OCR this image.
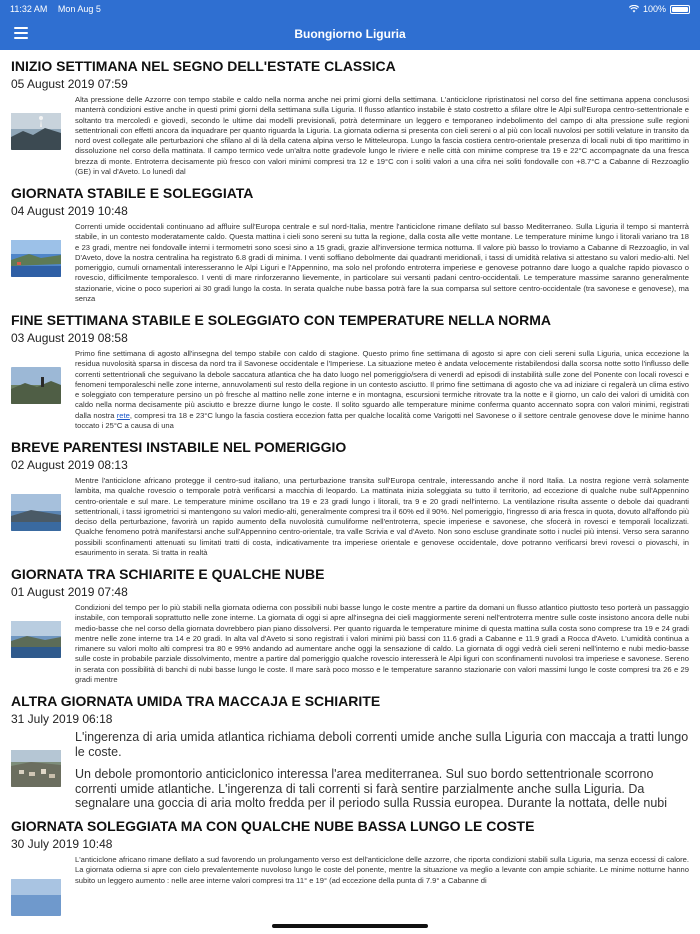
11:32 AM Mon Aug 5	100%
Buongiorno Liguria
INIZIO SETTIMANA NEL SEGNO DELL'ESTATE CLASSICA
05 August 2019 07:59
Alta pressione delle Azzorre con tempo stabile e caldo nella norma anche nei primi giorni della settimana. L'anticiclone ripristinatosi nel corso del fine settimana appena conclusosi manterrà condizioni estive anche in questi primi giorni della settimana sulla Liguria. Il flusso atlantico instabile è stato costretto a sfilare oltre le Alpi sull'Europa centro-settentrionale e soltanto tra mercoledì e giovedì, secondo le ultime dai modelli previsionali, potrà determinare un leggero e temporaneo indebolimento del campo di alta pressione sulle regioni settentrionali con effetti ancora da inquadrare per quanto riguarda la Liguria. La giornata odierna si presenta con cieli sereni o al più con locali nuvolosi per sottili velature in transito da nord ovest collegate alle perturbazioni che sfilano al di là della catena alpina verso le Mitteleuropa. Lungo la fascia costiera centro-orientale presenza di locali nubi di tipo marittimo in dissoluzione nel corso della mattinata. Il campo termico vede un'altra notte gradevole lungo le riviere e nelle città con minime comprese tra 19 e 22°C accompagnate da una fresca brezza di monte. Entroterra decisamente più fresco con valori minimi compresi tra 12 e 19°C con i soliti valori a una cifra nei soliti fondovalle con +8.7°C a Cabanne di Rezzoaglio (GE) in val d'Aveto. Lo lunedì dal
GIORNATA STABILE E SOLEGGIATA
04 August 2019 10:48
Correnti umide occidentali continuano ad affluire sull'Europa centrale e sul nord-Italia, mentre l'anticiclone rimane defilato sul basso Mediterraneo. Sulla Liguria il tempo si manterrà stabile, in un contesto moderatamente caldo. Questa mattina i cieli sono sereni su tutta la regione, dalla costa alle vette montane. Le temperature minime lungo i litorali variano tra 18 e 23 gradi, mentre nei fondovalle interni i termometri sono scesi sino a 15 gradi, grazie all'inversione termica notturna. Il valore più basso lo troviamo a Cabanne di Rezzoaglio, in val D'Aveto, dove la nostra centralina ha registrato 6.8 gradi di minima. I venti soffiano debolmente dai quadranti meridionali, i tassi di umidità relativa si attestano su valori medio-alti. Nel pomeriggio, cumuli ornamentali interesseranno le Alpi Liguri e l'Appennino, ma solo nel profondo entroterra imperiese e genovese potranno dare luogo a qualche rapido piovasco o rovescio, difficilmente temporalesco. I venti di mare rinforzeranno lievemente, in particolare sui versanti padani centro-occidentali. Le temperature massime saranno generalmente stazionarie, vicine o poco superiori ai 30 gradi lungo la costa. In serata qualche nube bassa potrà fare la sua comparsa sul settore centro-occidentale (tra savonese e genovese), ma senza
FINE SETTIMANA STABILE E SOLEGGIATO CON TEMPERATURE NELLA NORMA
03 August 2019 08:58
Primo fine settimana di agosto all'insegna del tempo stabile con caldo di stagione. Questo primo fine settimana di agosto si apre con cieli sereni sulla Liguria, unica eccezione la residua nuvolosità sparsa in discesa da nord tra il Savonese occidentale e l'Imperiese. La situazione meteo è andata velocemente ristabilendosi dalla scorsa notte sotto l'influsso delle correnti settentrionali che seguivano la debole saccatura atlantica che ha dato luogo nel pomeriggio/sera di venerdì ad episodi di instabilità sulle zone del Ponente con locali rovesci e fenomeni temporaleschi nelle zone interne, annuvolamenti sul resto della regione in un contesto asciutto. Il primo fine settimana di agosto che va ad iniziare ci regalerà un clima estivo e soleggiato con temperature persino un pò fresche al mattino nelle zone interne e in montagna, escursioni termiche ritrovate tra la notte e il giorno, un calo dei valori di umidità con caldo nella norma decisamente più asciutto e brezze diurne lungo le coste. Il solito sguardo alle temperature minime conferma quanto accennato sopra con valori minimi, registrati dalla nostra rete, compresi tra 18 e 23°C lungo la fascia costiera eccezion fatta per qualche località come Varigotti nel Savonese o il settore centrale genovese dove le minime hanno toccato i 25°C a causa di una
BREVE PARENTESI INSTABILE NEL POMERIGGIO
02 August 2019 08:13
Mentre l'anticiclone africano protegge il centro-sud italiano, una perturbazione transita sull'Europa centrale, interessando anche il nord Italia. La nostra regione verrà solamente lambita, ma qualche rovescio o temporale potrà verificarsi a macchia di leopardo. La mattinata inizia soleggiata su tutto il territorio, ad eccezione di qualche nube sull'Appennino centro-orientale e sul mare. Le temperature minime oscillano tra 19 e 23 gradi lungo i litorali, tra 9 e 20 gradi nell'interno. La ventilazione risulta assente o debole dai quadranti settentrionali, i tassi igrometrici si mantengono su valori medio-alti, generalmente compresi tra il 60% ed il 90%. Nel pomeriggio, l'ingresso di aria fresca in quota, dovuto all'affondo più deciso della perturbazione, favorirà un rapido aumento della nuvolosità cumuliforme nell'entroterra, specie imperiese e savonese, che sfocerà in rovesci e temporali localizzati. Qualche fenomeno potrà manifestarsi anche sull'Appennino centro-orientale, tra valle Scrivia e val d'Aveto. Non sono escluse grandinate sotto i nuclei più intensi. Verso sera saranno possibili sconfinamenti attenuati su limitati tratti di costa, indicativamente tra imperiese orientale e genovese occidentale, dove potranno verificarsi brevi rovesci o piovaschi, in esaurimento in serata. Si tratta in realtà
GIORNATA TRA SCHIARITE E QUALCHE NUBE
01 August 2019 07:48
Condizioni del tempo per lo più stabili nella giornata odierna con possibili nubi basse lungo le coste mentre a partire da domani un flusso atlantico piuttosto teso porterà un passaggio instabile, con temporali soprattutto nelle zone interne. La giornata di oggi si apre all'insegna dei cieli maggiormente sereni nell'entroterra mentre sulle coste insistono ancora delle nubi medio-basse che nel corso della giornata dovrebbero pian piano dissolversi. Per quanto riguarda le temperature minime di questa mattina sulla costa sono comprese tra 19 e 24 gradi mentre nelle zone interne tra 14 e 20 gradi. In alta val d'Aveto si sono registrati i valori minimi più bassi con 11.6 gradi a Cabanne e 11.9 gradi a Rocca d'Aveto. L'umidità continua a rimanere su valori molto alti compresi tra 80 e 99% andando ad aumentare anche oggi la sensazione di caldo. La giornata di oggi vedrà cieli sereni nell'interno e nubi medio-basse sulle coste in probabile parziale dissolvimento, mentre a partire dal pomeriggio qualche rovescio interesserà le Alpi liguri con sconfinamenti nuvolosi tra imperiese e savonese. Sereno in serata con possibilità di banchi di nubi basse lungo le coste. Il mare sarà poco mosso e le temperature saranno stazionarie con valori massimi lungo le coste compresi tra 26 e 29 gradi mentre
ALTRA GIORNATA UMIDA TRA MACCAJA E SCHIARITE
31 July 2019 06:18

L'ingerenza di aria umida atlantica richiama deboli correnti umide anche sulla Liguria con maccaja a tratti lungo le coste.

Un debole promontorio anticiclonico interessa l'area mediterranea. Sul suo bordo settentrionale scorrono correnti umide atlantiche. L'ingerenza di tali correnti si farà sentire parzialmente anche sulla Liguria. Da segnalare una goccia di aria molto fredda per il periodo sulla Russia europea. Durante la nottata, delle nubi

GIORNATA SOLEGGIATA MA CON QUALCHE NUBE BASSA LUNGO LE COSTE
30 July 2019 10:48
L'anticiclone africano rimane defilato a sud favorendo un prolungamento verso est dell'anticiclone delle azzorre, che riporta condizioni stabili sulla Liguria, ma senza eccessi di calore. La giornata odierna si apre con cielo prevalentemente nuvoloso lungo le coste del ponente, mentre la situazione va meglio a levante con ampie schiarite. Le minime notturne hanno subito un leggero aumento : nelle aree interne valori compresi tra 11° e 19° (ad eccezione della punta di 7.9° a Cabanne di
